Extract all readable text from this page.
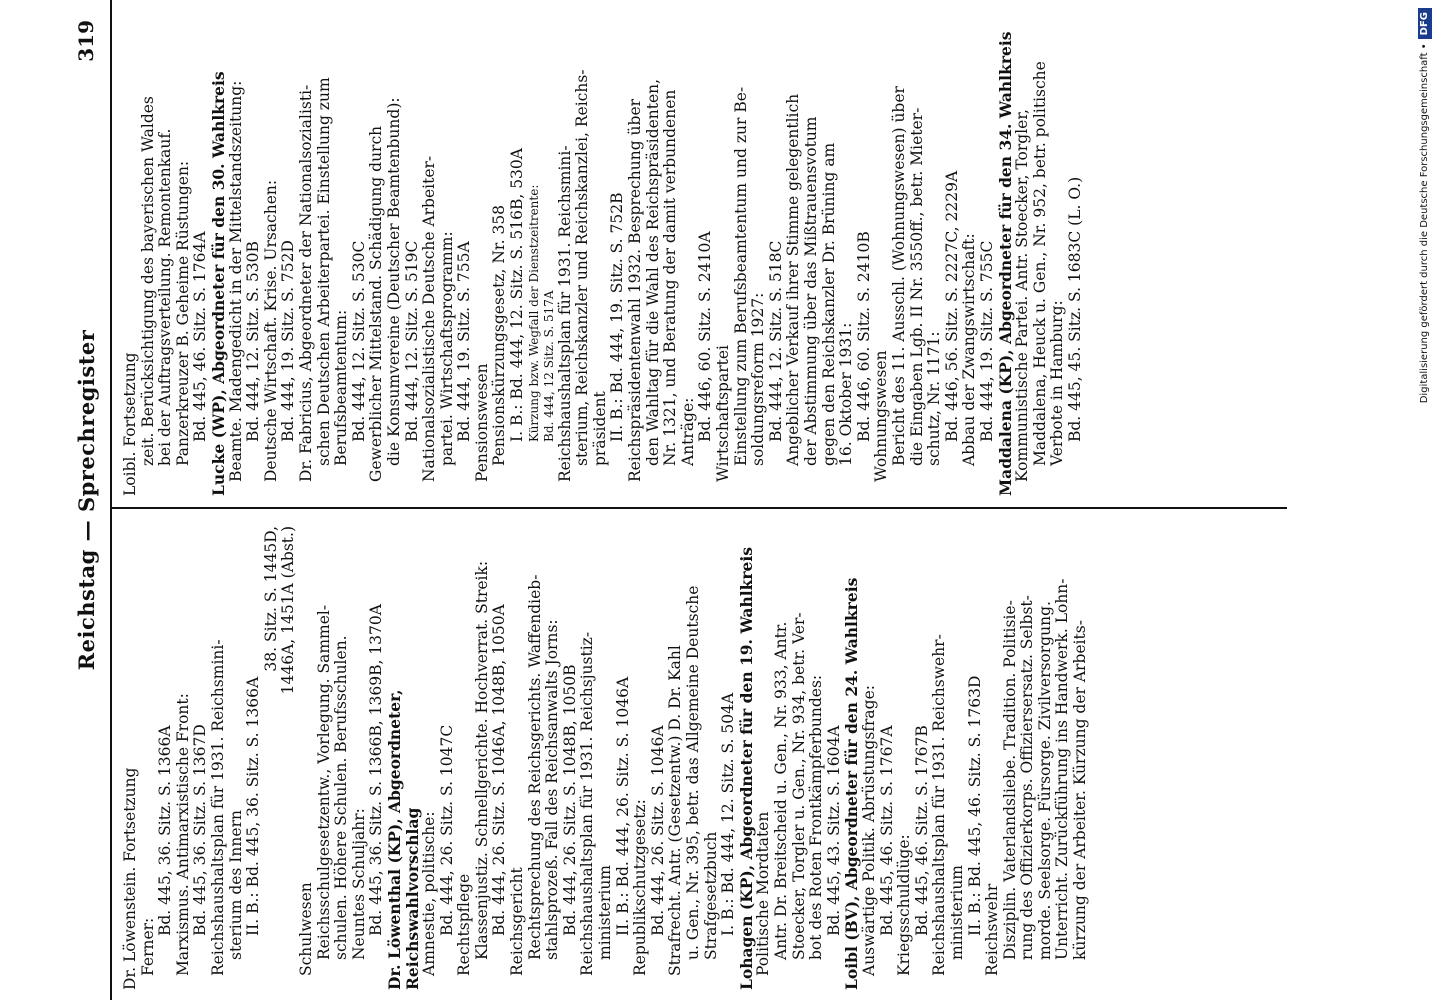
Reichstag — Sprechregister
319

Dr. Löwenstein. Fortsetzung Ferner:

Bd. 445, 36. Sitz. S. 1366A Marxismus. Antimarxistische Front: Bd. 445, 36. Sitz. S. 1367D Reichshaushaltsplan für 1931. Reichsmini- sterium des Innern II. B.: Bd. 445, 36. Sitz. S. 1366A

38. Sitz. S. 1445D, 1446A, 1451A (Abst.)

Schulwesen Reichsschulgesetzentw., Vorlegung. Sammel- schulen. Höhere Schulen. Berufsschulen. Neuntes Schuljahr: Bd. 445, 36. Sitz. S. 1366B, 1369B, 1370A Dr. Löwenthal (KP), Abgeordneter, Reichswahlvorschlag

Amnestie, politische: Bd. 444, 26. Sitz. S. 1047C Rechtspflege Klassenjustiz. Schnellgerichte. Hochverrat. Streik: Bd. 444, 26. Sitz. S. 1046A, 1048B, 1050A Reichsgericht Rechtsprechung des Reichsgerichts. Waffendieb- stahlsprozeß. Fall des Reichsanwalts Jorns: Bd. 444, 26. Sitz. S. 1048B, 1050B Reichshaushaltsplan für 1931. Reichsjustiz- ministerium II. B.: Bd. 444, 26. Sitz. S. 1046A Republikschutzgesetz: Bd. 444, 26. Sitz. S. 1046A Strafrecht. Antr. (Gesetzentw.) D. Dr. Kahl u. Gen., Nr. 395, betr. das Allgemeine Deutsche Strafgesetzbuch I. B.: Bd. 444, 12. Sitz. S. 504A Lohagen (KP), Abgeordneter für den 19. Wahlkreis

Politische Mordtaten Antr. Dr. Breitscheid u. Gen., Nr. 933, Antr. Stoecker, Torgler u. Gen., Nr. 934, betr. Ver- bot des Roten Frontkämpferbundes: Bd. 445, 43. Sitz. S. 1604A Loibl (BV), Abgeordneter für den 24. Wahlkreis

Auswärtige Politik. Abrüstungsfrage: Bd. 445, 46. Sitz. S. 1767A Kriegsschuldlüge: Bd. 445, 46. Sitz. S. 1767B Reichshaushaltsplan für 1931. Reichswehr- ministerium II. B.: Bd. 445, 46. Sitz. S. 1763D Reichswehr Disziplin. Vaterlandsliebe. Tradition. Politisie- rung des Offizierkorps. Offiziersersatz. Selbst- morde. Seelsorge. Fürsorge. Zivilversorgung. Unterricht. Zurückführung ins Handwerk. Lohn- kürzung der Arbeiter. Kürzung der Arbeits-

Loibl. Fortsetzung zeit. Berücksichtigung des bayerischen Waldes bei der Auftragsverteilung. Remontenkauf. Panzerkreuzer B. Geheime Rüstungen: Bd. 445, 46. Sitz. S. 1764A Lucke (WP), Abgeordneter für den 30. Wahlkreis

Beamte. Madengedicht in der Mittelstandszeitung: Bd. 444, 12. Sitz. S. 530B Deutsche Wirtschaft. Krise. Ursachen: Bd. 444, 19. Sitz. S. 752D Dr. Fabricius, Abgeordneter der Nationalsozialisti- schen Deutschen Arbeiterpartei. Einstellung zum Berufsbeamtentum: Bd. 444, 12. Sitz. S. 530C Gewerblicher Mittelstand. Schädigung durch die Konsumvereine (Deutscher Beamtenbund): Bd. 444, 12. Sitz. S. 519C Nationalsozialistische Deutsche Arbeiter- partei. Wirtschaftsprogramm: Bd. 444, 19. Sitz. S. 755A Pensionswesen Pensionskürzungsgesetz, Nr. 358 I. B.: Bd. 444, 12. Sitz. S. 516B, 530A Kürzung bzw. Wegfall der Dienstzeitrente: Bd. 444, 12 Sitz. S. 517A Reichshaushaltsplan für 1931. Reichsmini- sterium, Reichskanzler und Reichskanzlei, Reichs- präsident II. B.: Bd. 444, 19. Sitz. S. 752B Reichspräsidentenwahl 1932. Besprechung über den Wahltag für die Wahl des Reichspräsidenten, Nr. 1321, und Beratung der damit verbundenen Anträge: Bd. 446, 60. Sitz. S. 2410A Wirtschaftspartei Einstellung zum Berufsbeamtentum und zur Be- soldungsreform 1927: Bd. 444, 12. Sitz. S. 518C Angeblicher Verkauf ihrer Stimme gelegentlich der Abstimmung über das Mißtrauensvotum gegen den Reichskanzler Dr. Brüning am 16. Oktober 1931: Bd. 446, 60. Sitz. S. 2410B Wohnungswesen Bericht des 11. Ausschl. (Wohnungswesen) über die Eingaben Lgb. II Nr. 3550ff., betr. Mieter- schutz, Nr. 1171: Bd. 446, 56. Sitz. S. 2227C, 2229A Abbau der Zwangswirtschaft: Bd. 444, 19. Sitz. S. 755C Maddalena (KP), Abgeordneter für den 34. Wahlkreis

Kommunistische Partei. Antr. Stoecker, Torgler, Maddalena, Heuck u. Gen., Nr. 952, betr. politische Verbote in Hamburg: Bd. 445, 45. Sitz. S. 1683C (L. O.)	Digitalisierung gefördert durch die Deutsche Forschungsgemeinschaft •DFG
